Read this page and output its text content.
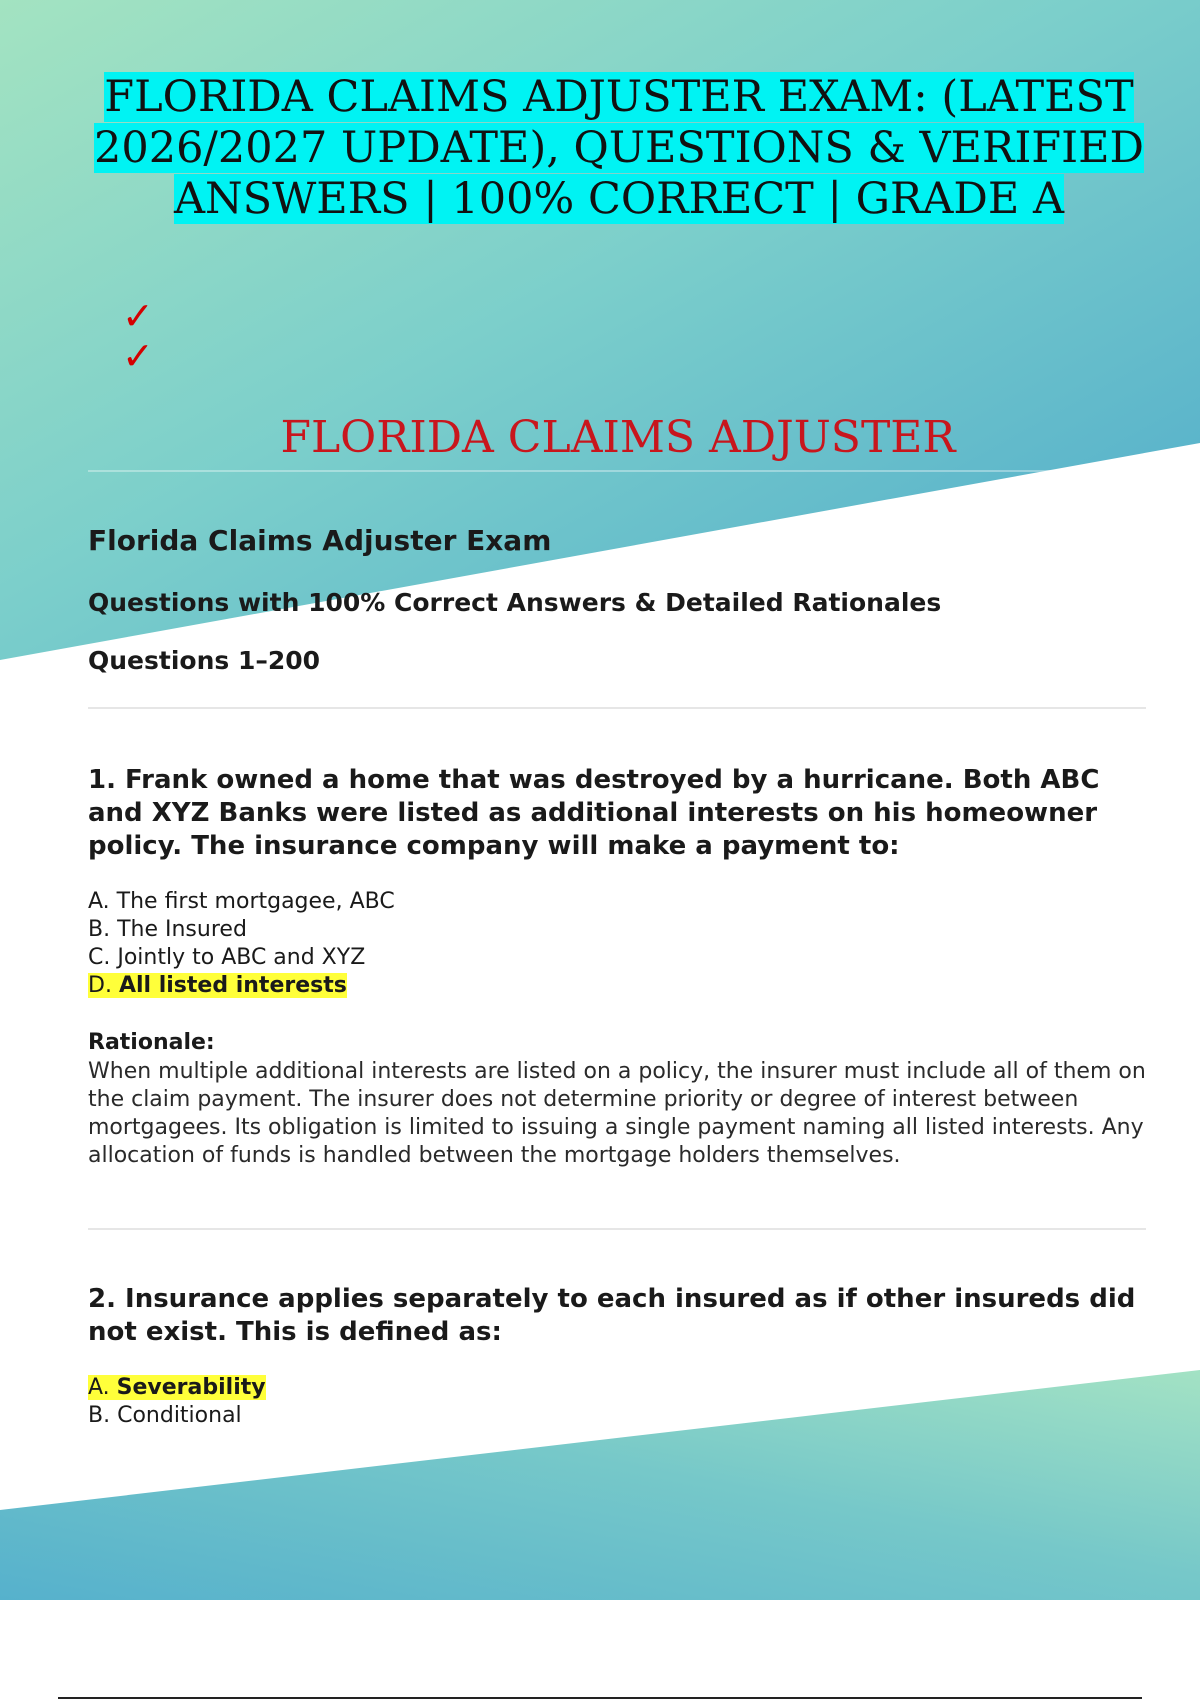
FLORIDA CLAIMS ADJUSTER EXAM: (LATEST 2026/2027 UPDATE), QUESTIONS & VERIFIED ANSWERS | 100% CORRECT | GRADE A
✓
✓
FLORIDA CLAIMS ADJUSTER

Florida Claims Adjuster Exam

Questions with 100% Correct Answers & Detailed Rationales

Questions 1–200

1. Frank owned a home that was destroyed by a hurricane. Both ABC and XYZ Banks were listed as additional interests on his homeowner policy. The insurance company will make a payment to:

A. The first mortgagee, ABC
B. The Insured
C. Jointly to ABC and XYZ
D. All listed interests

Rationale:

When multiple additional interests are listed on a policy, the insurer must include all of them on the claim payment. The insurer does not determine priority or degree of interest between mortgagees. Its obligation is limited to issuing a single payment naming all listed interests. Any allocation of funds is handled between the mortgage holders themselves.

2. Insurance applies separately to each insured as if other insureds did not exist. This is defined as:

A. Severability
B. Conditional
